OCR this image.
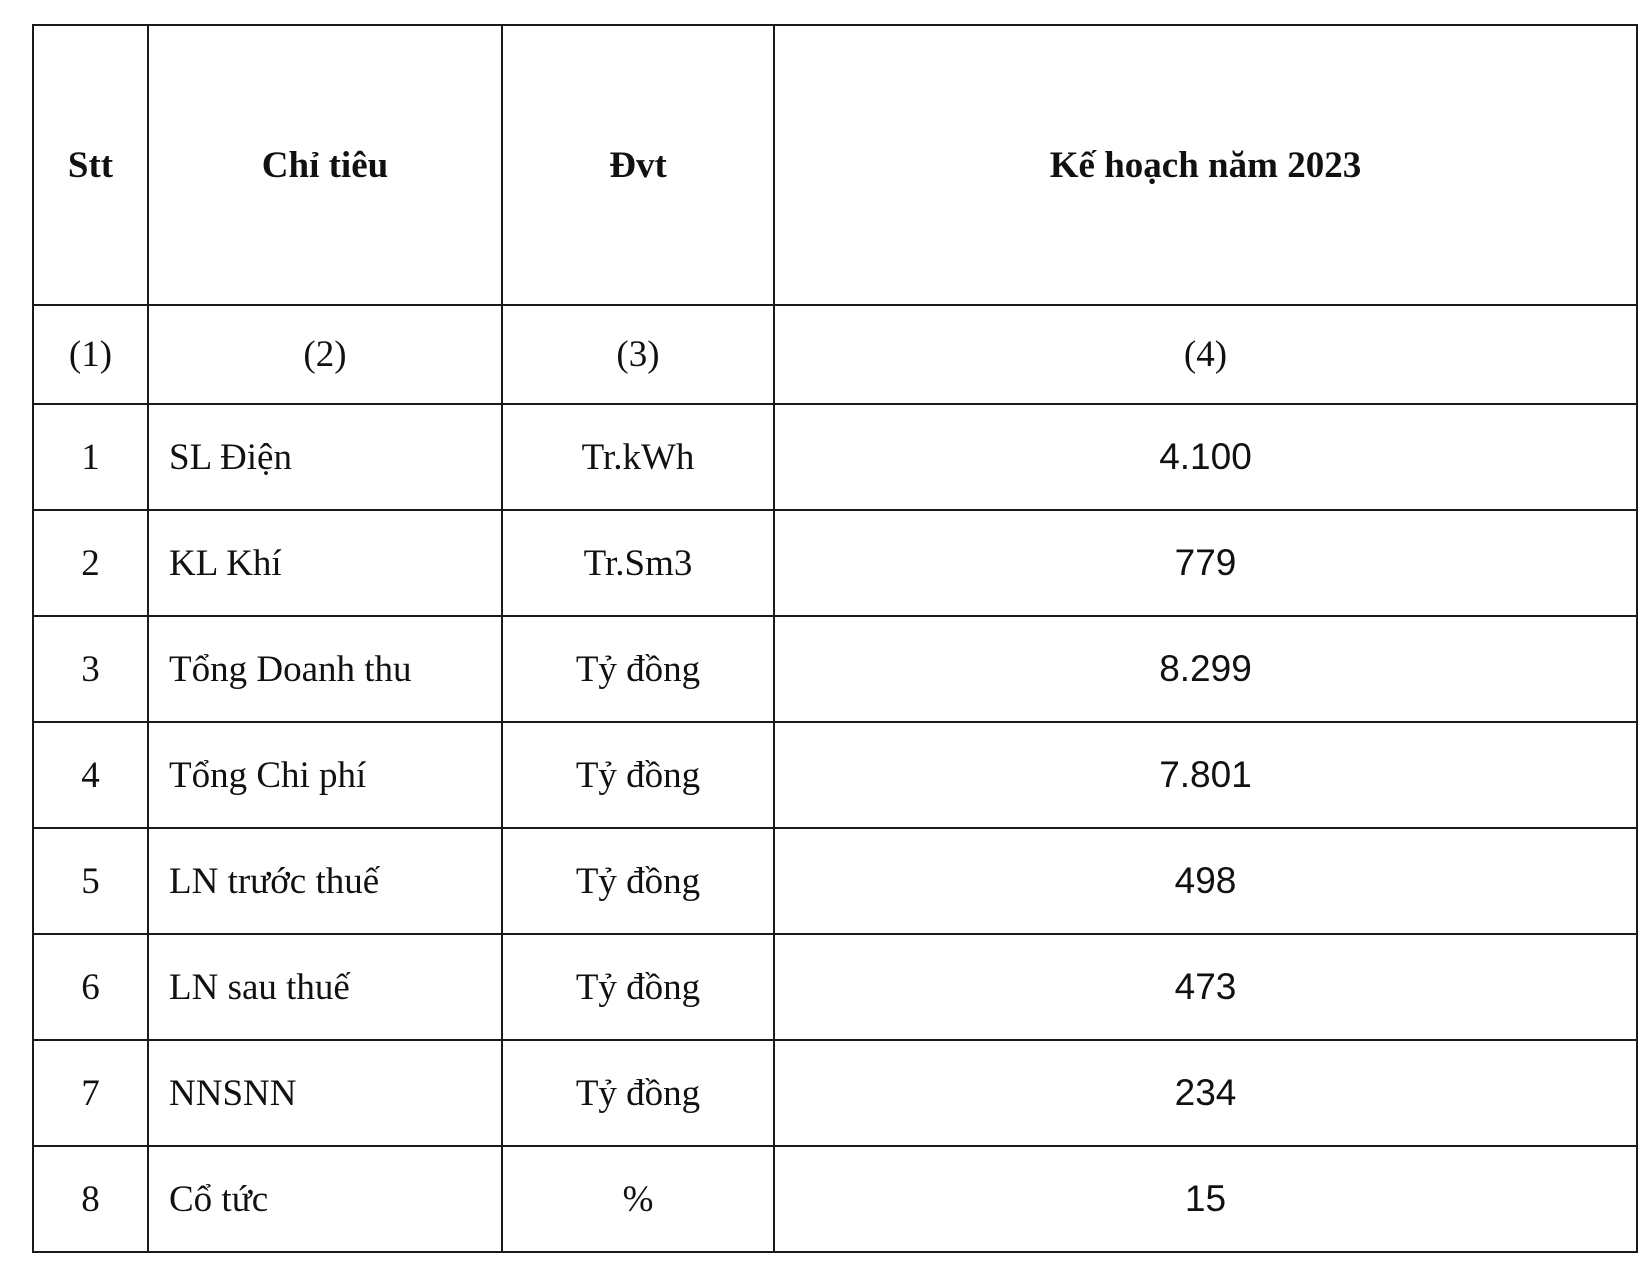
Stt	Chỉ tiêu	Đvt	Kế hoạch năm 2023
(1)	(2)	(3)	(4)
1	SL Điện	Tr.kWh	4.100
2	KL Khí	Tr.Sm3	779
3	Tổng Doanh thu	Tỷ đồng	8.299
4	Tổng Chi phí	Tỷ đồng	7.801
5	LN trước thuế	Tỷ đồng	498
6	LN sau thuế	Tỷ đồng	473
7	NNSNN	Tỷ đồng	234
8	Cổ tức	%	15
